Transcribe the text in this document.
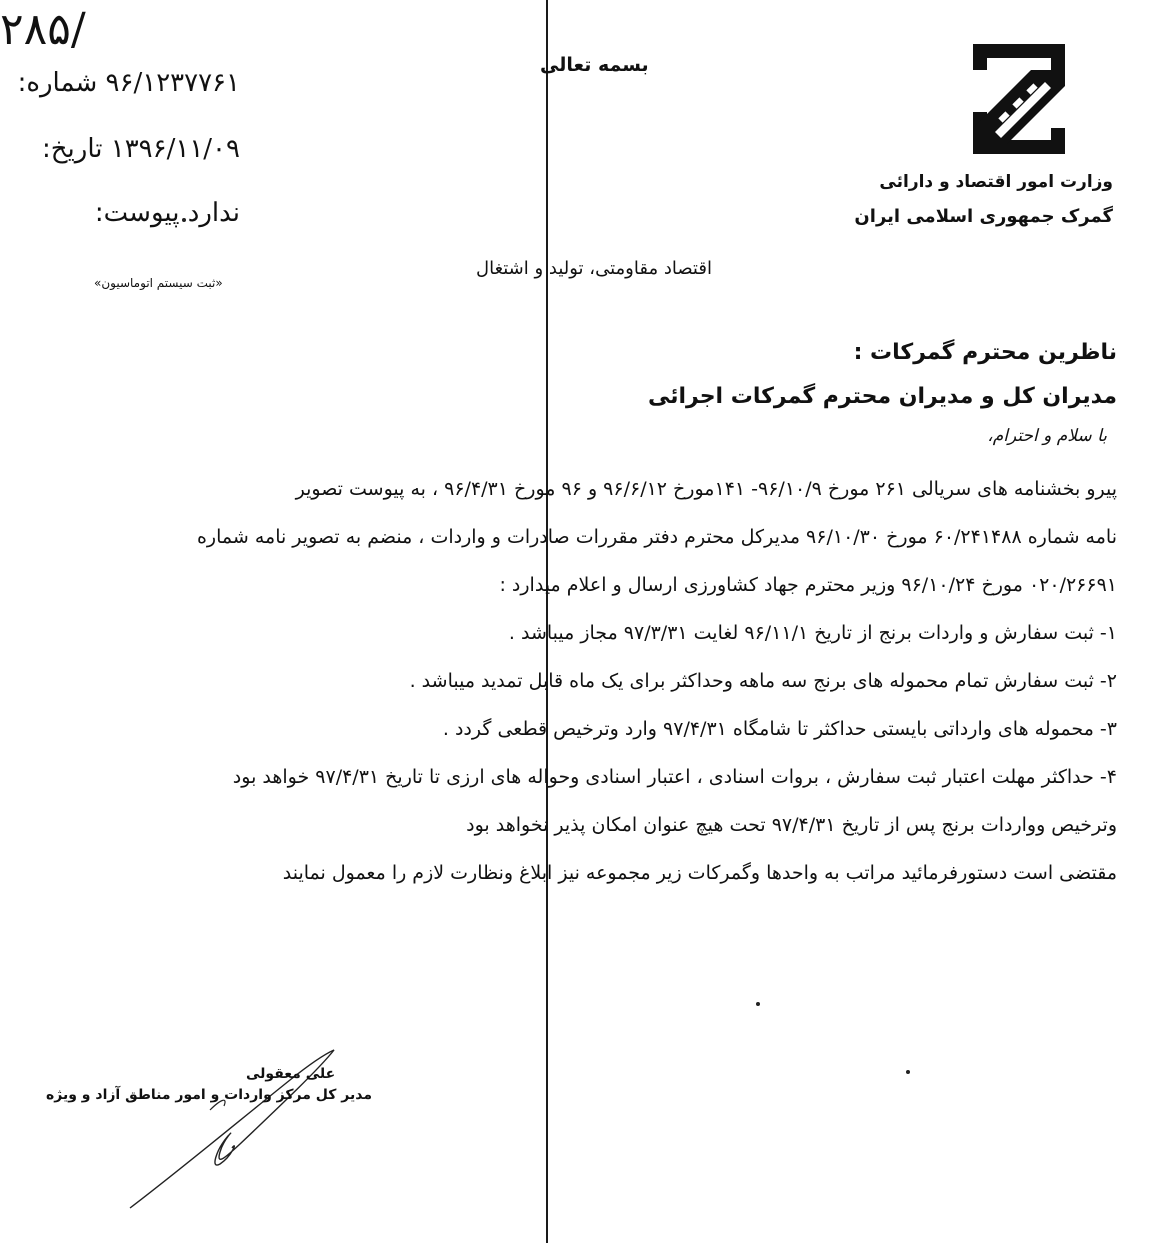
۲۸۵/
شماره: ۹۶/۱۲۳۷۷۶۱
تاریخ: ۱۳۹۶/۱۱/۰۹
پیوست: ندارد
«ثبت سیستم اتوماسیون»
بسمه تعالی
وزارت امور اقتصاد و دارائی
گمرک جمهوری اسلامی ایران
اقتصاد مقاومتی، تولید و اشتغال
ناظرین محترم گمرکات :
مدیران کل و مدیران محترم گمرکات اجرائی
با سلام و احترام،
پیرو بخشنامه های سریالی ۲۶۱ مورخ ۹۶/۱۰/۹- ۱۴۱مورخ ۹۶/۶/۱۲ و ۹۶ مورخ ۹۶/۴/۳۱ ، به پیوست تصویر
نامه شماره ۶۰/۲۴۱۴۸۸ مورخ ۹۶/۱۰/۳۰ مدیرکل محترم دفتر مقررات صادرات و واردات ، منضم به تصویر نامه شماره
۰۲۰/۲۶۶۹۱ مورخ ۹۶/۱۰/۲۴ وزیر محترم جهاد کشاورزی ارسال و اعلام میدارد :
۱- ثبت سفارش و واردات برنج از تاریخ ۹۶/۱۱/۱ لغایت ۹۷/۳/۳۱ مجاز میباشد .
۲- ثبت سفارش تمام محموله های برنج سه ماهه وحداکثر برای یک ماه قابل تمدید میباشد .
۳- محموله های وارداتی بایستی حداکثر تا شامگاه ۹۷/۴/۳۱ وارد وترخیص قطعی گردد .
۴- حداکثر مهلت اعتبار ثبت سفارش ، بروات اسنادی ، اعتبار اسنادی وحواله های ارزی تا تاریخ ۹۷/۴/۳۱ خواهد بود
وترخیص وواردات برنج پس از تاریخ ۹۷/۴/۳۱ تحت هیچ عنوان امکان پذیر نخواهد بود
مقتضی است دستورفرمائید مراتب به واحدها وگمرکات زیر مجموعه نیز ابلاغ ونظارت لازم را معمول نمایند
علی معقولی
مدیر کل مرکز واردات و امور مناطق آزاد و ویژه
